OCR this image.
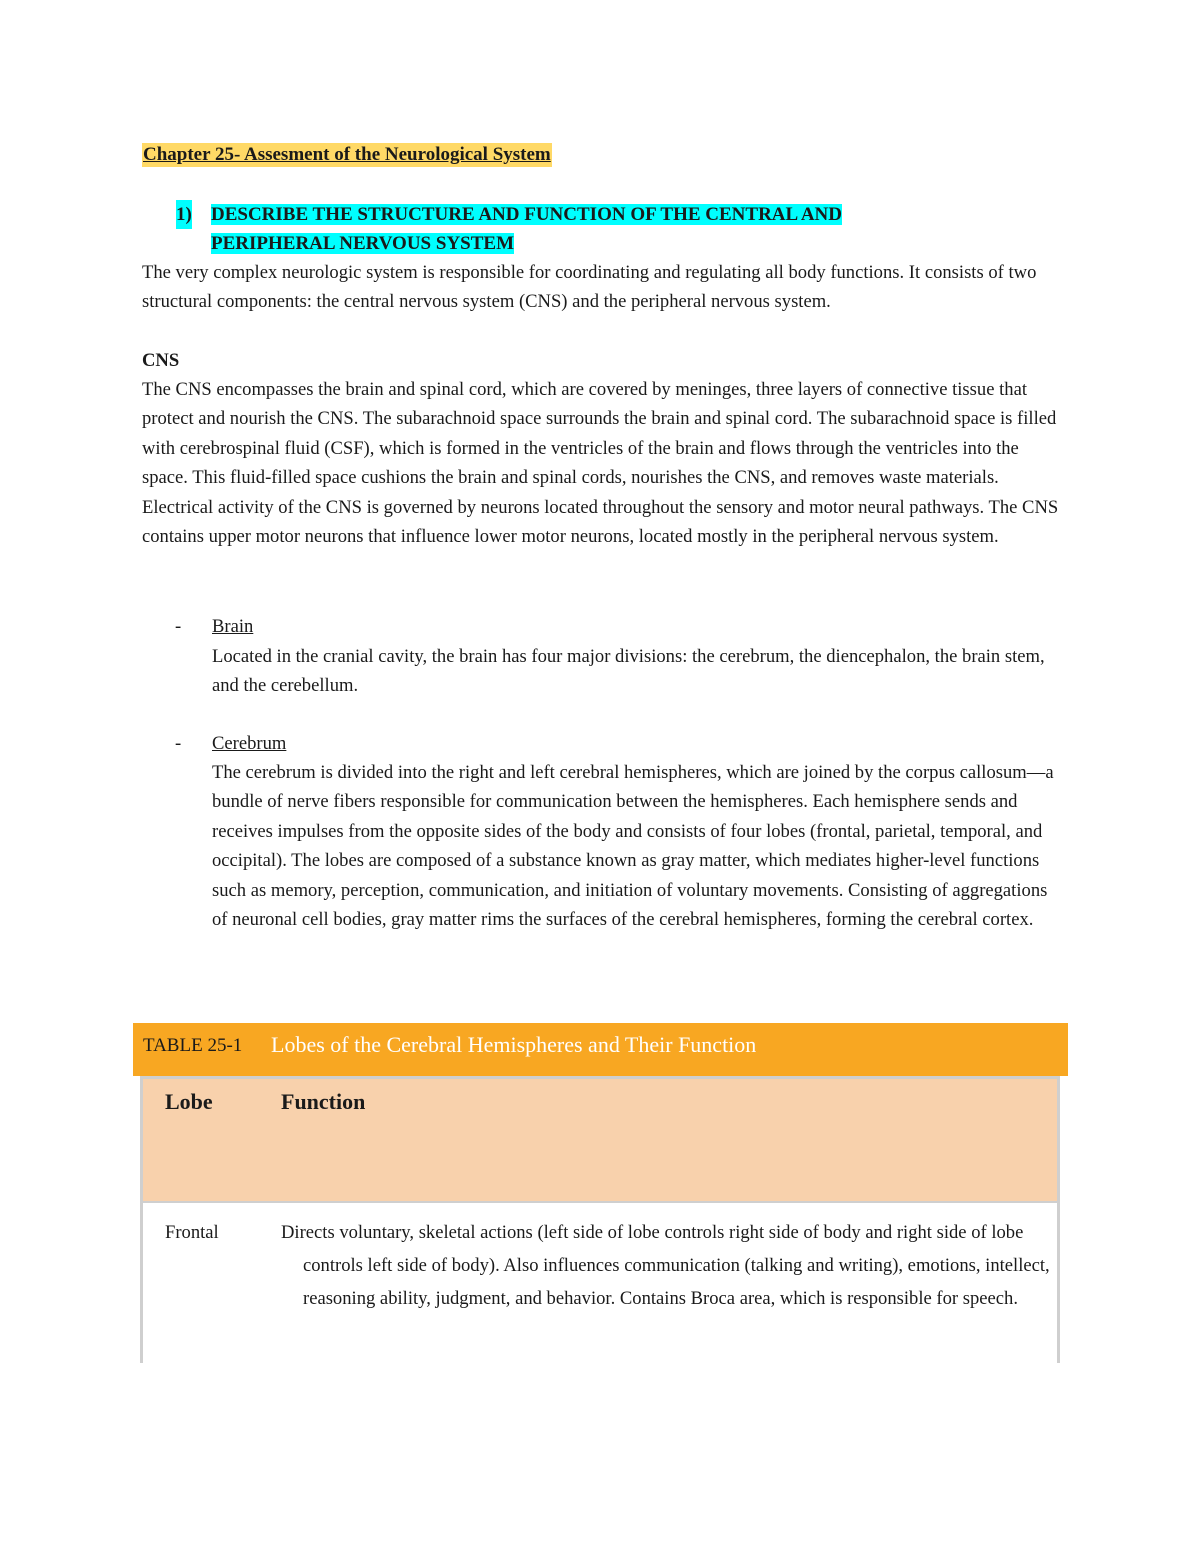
Chapter 25- Assesment of the Neurological System
1) DESCRIBE THE STRUCTURE AND FUNCTION OF THE CENTRAL AND PERIPHERAL NERVOUS SYSTEM
The very complex neurologic system is responsible for coordinating and regulating all body functions. It consists of two structural components: the central nervous system (CNS) and the peripheral nervous system.
CNS
The CNS encompasses the brain and spinal cord, which are covered by meninges, three layers of connective tissue that protect and nourish the CNS. The subarachnoid space surrounds the brain and spinal cord. The subarachnoid space is filled with cerebrospinal fluid (CSF), which is formed in the ventricles of the brain and flows through the ventricles into the space. This fluid-filled space cushions the brain and spinal cords, nourishes the CNS, and removes waste materials. Electrical activity of the CNS is governed by neurons located throughout the sensory and motor neural pathways. The CNS contains upper motor neurons that influence lower motor neurons, located mostly in the peripheral nervous system.
- Brain
Located in the cranial cavity, the brain has four major divisions: the cerebrum, the diencephalon, the brain stem, and the cerebellum.
- Cerebrum
The cerebrum is divided into the right and left cerebral hemispheres, which are joined by the corpus callosum—a bundle of nerve fibers responsible for communication between the hemispheres. Each hemisphere sends and receives impulses from the opposite sides of the body and consists of four lobes (frontal, parietal, temporal, and occipital). The lobes are composed of a substance known as gray matter, which mediates higher-level functions such as memory, perception, communication, and initiation of voluntary movements. Consisting of aggregations of neuronal cell bodies, gray matter rims the surfaces of the cerebral hemispheres, forming the cerebral cortex.
TABLE 25-1 Lobes of the Cerebral Hemispheres and Their Function
Lobe	Function
Frontal	Directs voluntary, skeletal actions (left side of lobe controls right side of body and right side of lobe controls left side of body). Also influences communication (talking and writing), emotions, intellect, reasoning ability, judgment, and behavior. Contains Broca area, which is responsible for speech.
